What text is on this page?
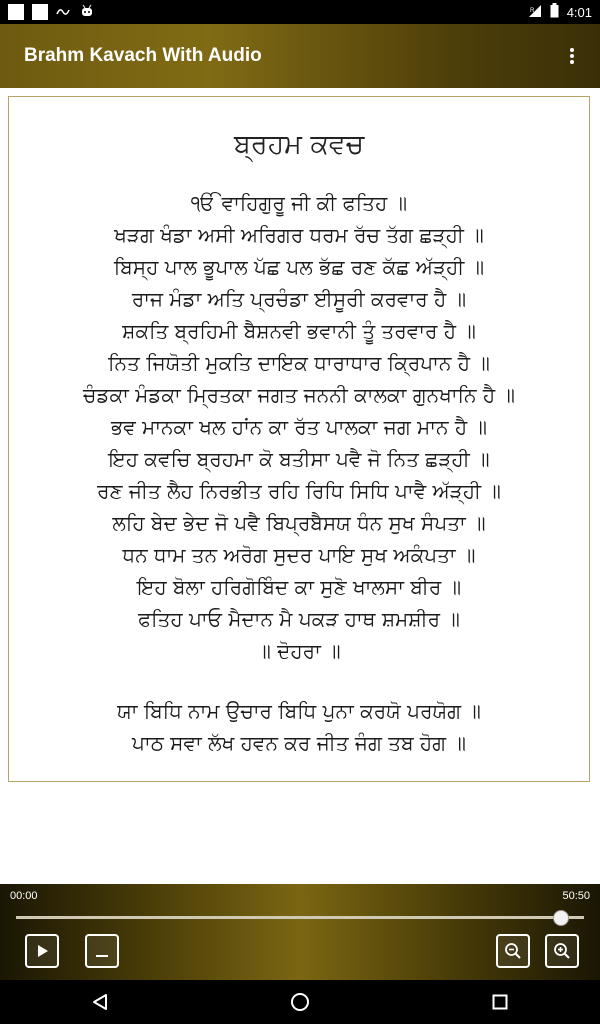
R	4:01
Brahm Kavach With Audio
ਬ੍ਰਹਮ ਕਵਚ
ੴ ਵਾਹਿਗੁਰੂ ਜੀ ਕੀ ਫਤਿਹ ॥
ਖੜਗ ਖੰਡਾ ਅਸੀ ਅਰਿਗਰ ਧਰਮ ਰੱਚ ਤੱਗ ਛੜ੍ਹੀ ॥
ਬਿਸ੍ਹ ਪਾਲ ਭੂਪਾਲ ਪੱਛ ਪਲ ਭੱਛ ਰਣ ਕੱਛ ਅੱੜ੍ਹੀ ॥
ਰਾਜ ਮੰਡਾ ਅਤਿ ਪ੍ਰਚੰਡਾ ਈਸੂਰੀ ਕਰਵਾਰ ਹੈ ॥
ਸ਼ਕਤਿ ਬ੍ਰਹਿਮੀ ਬੈਸ਼ਨਵੀ ਭਵਾਨੀ ਤੂੰ ਤਰਵਾਰ ਹੈ ॥
ਨਿਤ ਜਿਯੋਤੀ ਮੁਕਤਿ ਦਾਇਕ ਧਾਰਾਧਾਰ ਕ੍ਰਿਪਾਨ ਹੈ ॥
ਚੰਡਕਾ ਮੰਡਕਾ ਮ੍ਰਿਤਕਾ ਜਗਤ ਜਨਨੀ ਕਾਲਕਾ ਗੁਨਖਾਨਿ ਹੈ ॥
ਭਵ ਮਾਨਕਾ ਖਲ ਹਾਂਨ ਕਾ ਰੱਤ ਪਾਲਕਾ ਜਗ ਮਾਨ ਹੈ ॥
ਇਹ ਕਵਚਿ ਬ੍ਰਹਮਾ ਕੋ ਬਤੀਸਾ ਪਵੈ ਜੋ ਨਿਤ ਛੜ੍ਹੀ ॥
ਰਣ ਜੀਤ ਲੈਹ ਨਿਰਭੀਤ ਰਹਿ ਰਿਧਿ ਸਿਧਿ ਪਾਵੈ ਅੱੜ੍ਹੀ ॥
ਲਹਿ ਬੇਦ ਭੇਦ ਜੋ ਪਵੈ ਬਿਪ੍ਰਬੈਸਯ ਧੰਨ ਸੁਖ ਸੰਪਤਾ ॥
ਧਨ ਧਾਮ ਤਨ ਅਰੋਗ ਸੁਦਰ ਪਾਇ ਸੁਖ ਅਕੰਪਤਾ ॥
ਇਹ ਬੋਲਾ ਹਰਿਗੋਬਿੰਦ ਕਾ ਸੁਣੋ ਖਾਲਸਾ ਬੀਰ ॥
ਫਤਿਹ ਪਾਓ ਮੈਦਾਨ ਮੈ ਪਕੜ ਹਾਥ ਸ਼ਮਸ਼ੀਰ ॥
॥ ਦੋਹਰਾ ॥
ਯਾ ਬਿਧਿ ਨਾਮ ਉਚਾਰ ਬਿਧਿ ਪੁਨਾ ਕਰਯੋ ਪਰਯੋਗ ॥
ਪਾਠ ਸਵਾ ਲੱਖ ਹਵਨ ਕਰ ਜੀਤ ਜੰਗ ਤਬ ਹੋਗ ॥
00:00	50:50
